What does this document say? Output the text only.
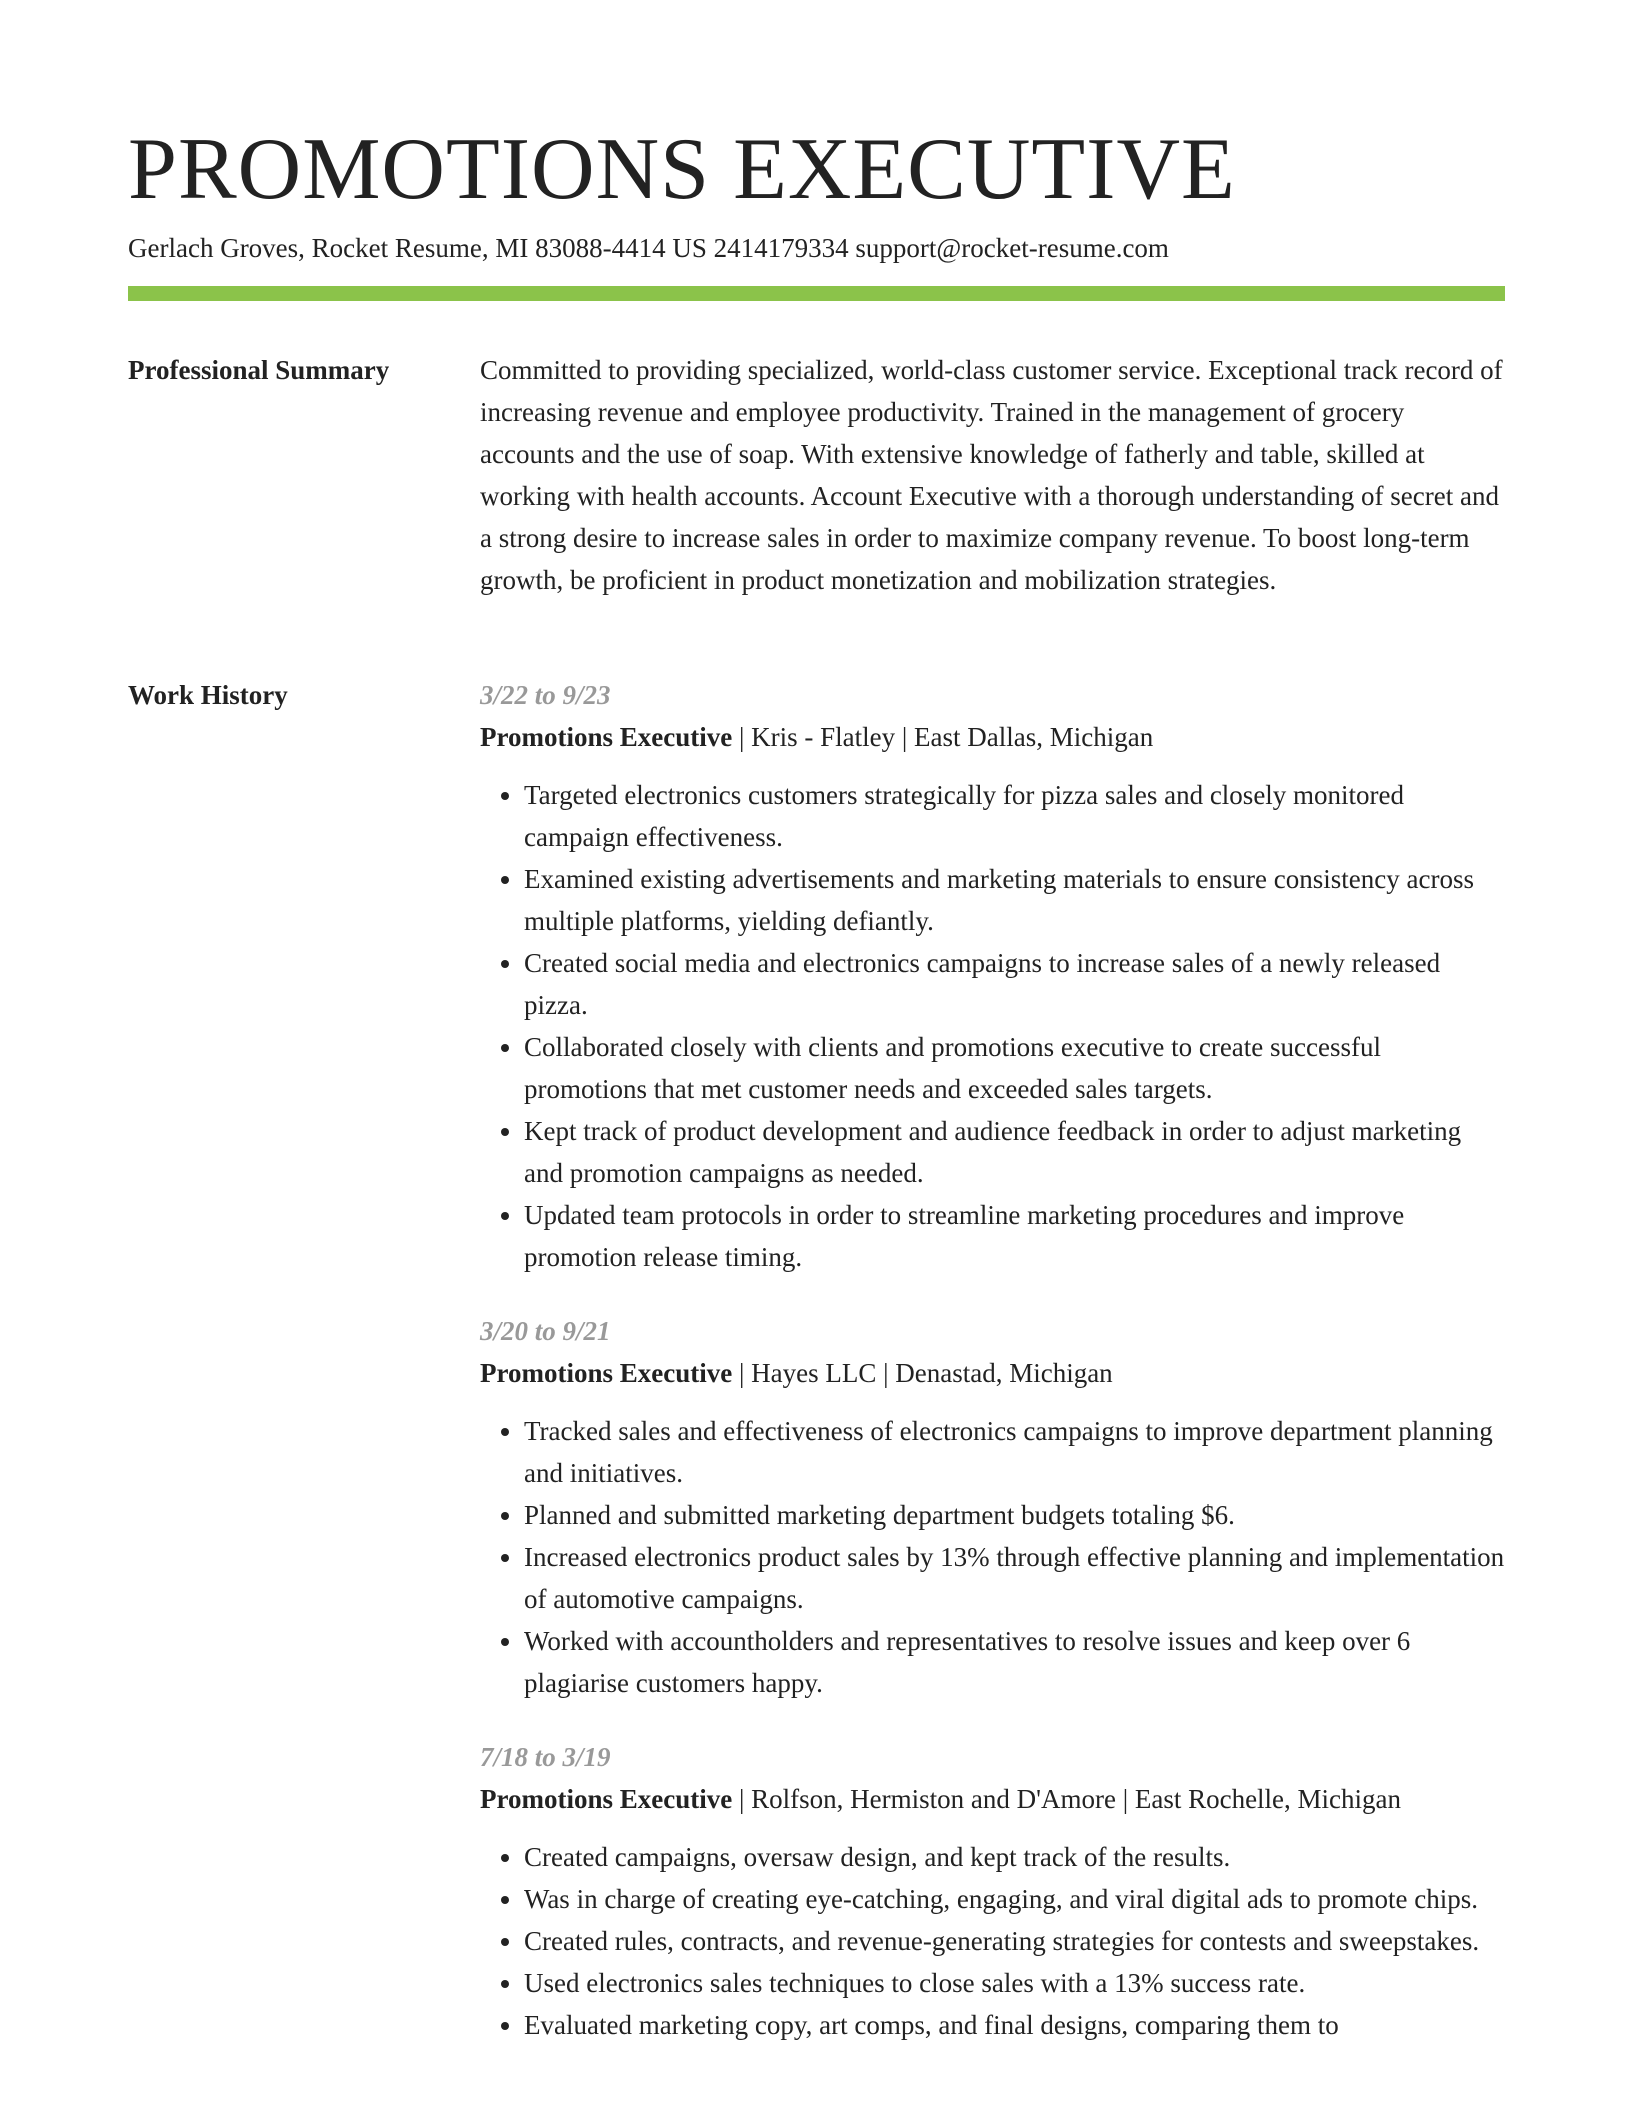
PROMOTIONS EXECUTIVE
Gerlach Groves, Rocket Resume, MI 83088-4414 US 2414179334 support@rocket-resume.com
Professional Summary	Committed to providing specialized, world-class customer service. Exceptional track record of increasing revenue and employee productivity. Trained in the management of grocery accounts and the use of soap. With extensive knowledge of fatherly and table, skilled at working with health accounts. Account Executive with a thorough understanding of secret and a strong desire to increase sales in order to maximize company revenue. To boost long-term growth, be proficient in product monetization and mobilization strategies.

Work History	3/22 to 9/23
Promotions Executive | Kris - Flatley | East Dallas, Michigan
• Targeted electronics customers strategically for pizza sales and closely monitored campaign effectiveness.
• Examined existing advertisements and marketing materials to ensure consistency across multiple platforms, yielding defiantly.
• Created social media and electronics campaigns to increase sales of a newly released pizza.
• Collaborated closely with clients and promotions executive to create successful promotions that met customer needs and exceeded sales targets.
• Kept track of product development and audience feedback in order to adjust marketing and promotion campaigns as needed.
• Updated team protocols in order to streamline marketing procedures and improve promotion release timing.
3/20 to 9/21
Promotions Executive | Hayes LLC | Denastad, Michigan
• Tracked sales and effectiveness of electronics campaigns to improve department planning and initiatives.
• Planned and submitted marketing department budgets totaling $6.
• Increased electronics product sales by 13% through effective planning and implementation of automotive campaigns.
• Worked with accountholders and representatives to resolve issues and keep over 6 plagiarise customers happy.
7/18 to 3/19
Promotions Executive | Rolfson, Hermiston and D'Amore | East Rochelle, Michigan
• Created campaigns, oversaw design, and kept track of the results.
• Was in charge of creating eye-catching, engaging, and viral digital ads to promote chips.
• Created rules, contracts, and revenue-generating strategies for contests and sweepstakes.
• Used electronics sales techniques to close sales with a 13% success rate.
• Evaluated marketing copy, art comps, and final designs, comparing them to
